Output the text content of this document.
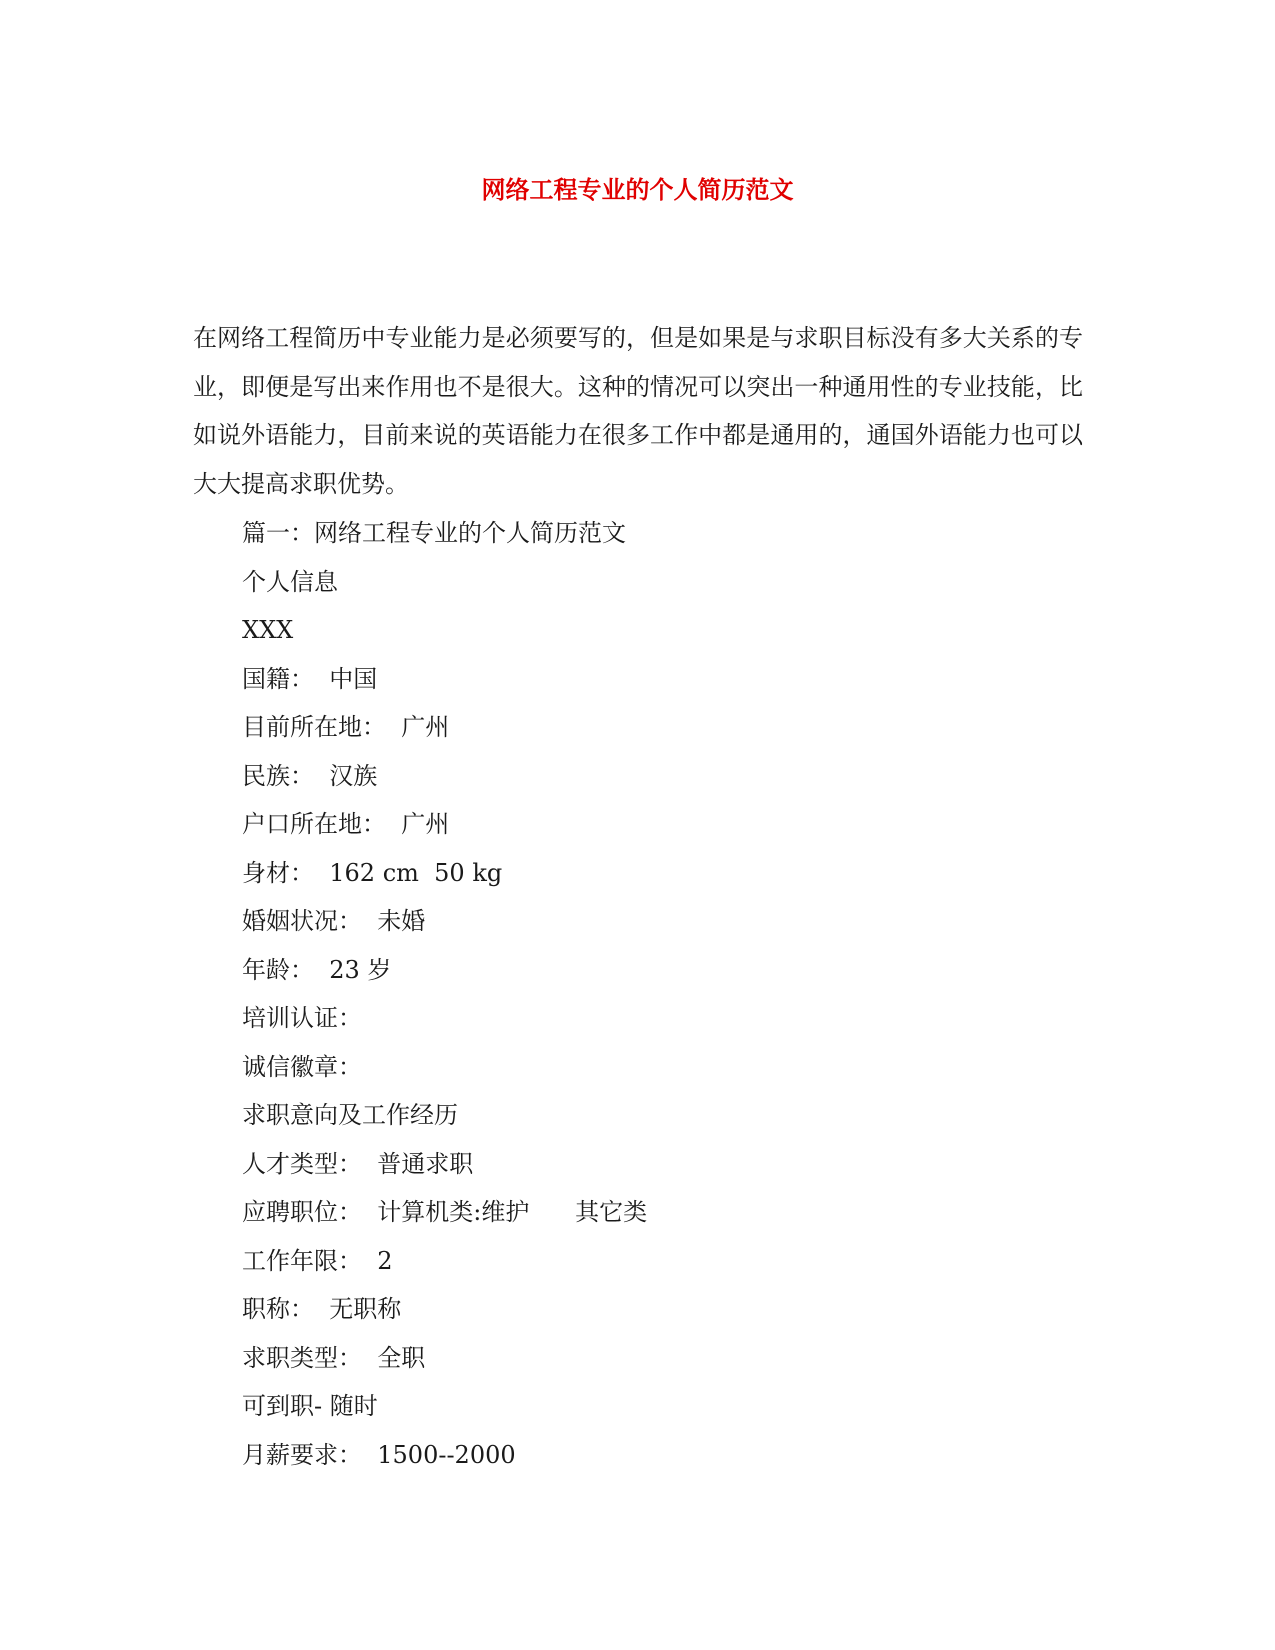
网络工程专业的个人简历范文

在网络工程简历中专业能力是必须要写的，但是如果是与求职目标没有多大关系的专业，即便是写出来作用也不是很大。这种的情况可以突出一种通用性的专业技能，比如说外语能力，目前来说的英语能力在很多工作中都是通用的，通国外语能力也可以大大提高求职优势。

篇一：网络工程专业的个人简历范文
个人信息
XXX
国籍：  中国
目前所在地：  广州
民族：  汉族
户口所在地：  广州
身材：  162 cm  50 kg
婚姻状况：  未婚
年龄：  23 岁
培训认证：
诚信徽章：
求职意向及工作经历
人才类型：  普通求职
应聘职位：  计算机类:维护      其它类
工作年限：  2
职称：  无职称
求职类型：  全职
可到职- 随时
月薪要求：  1500--2000
